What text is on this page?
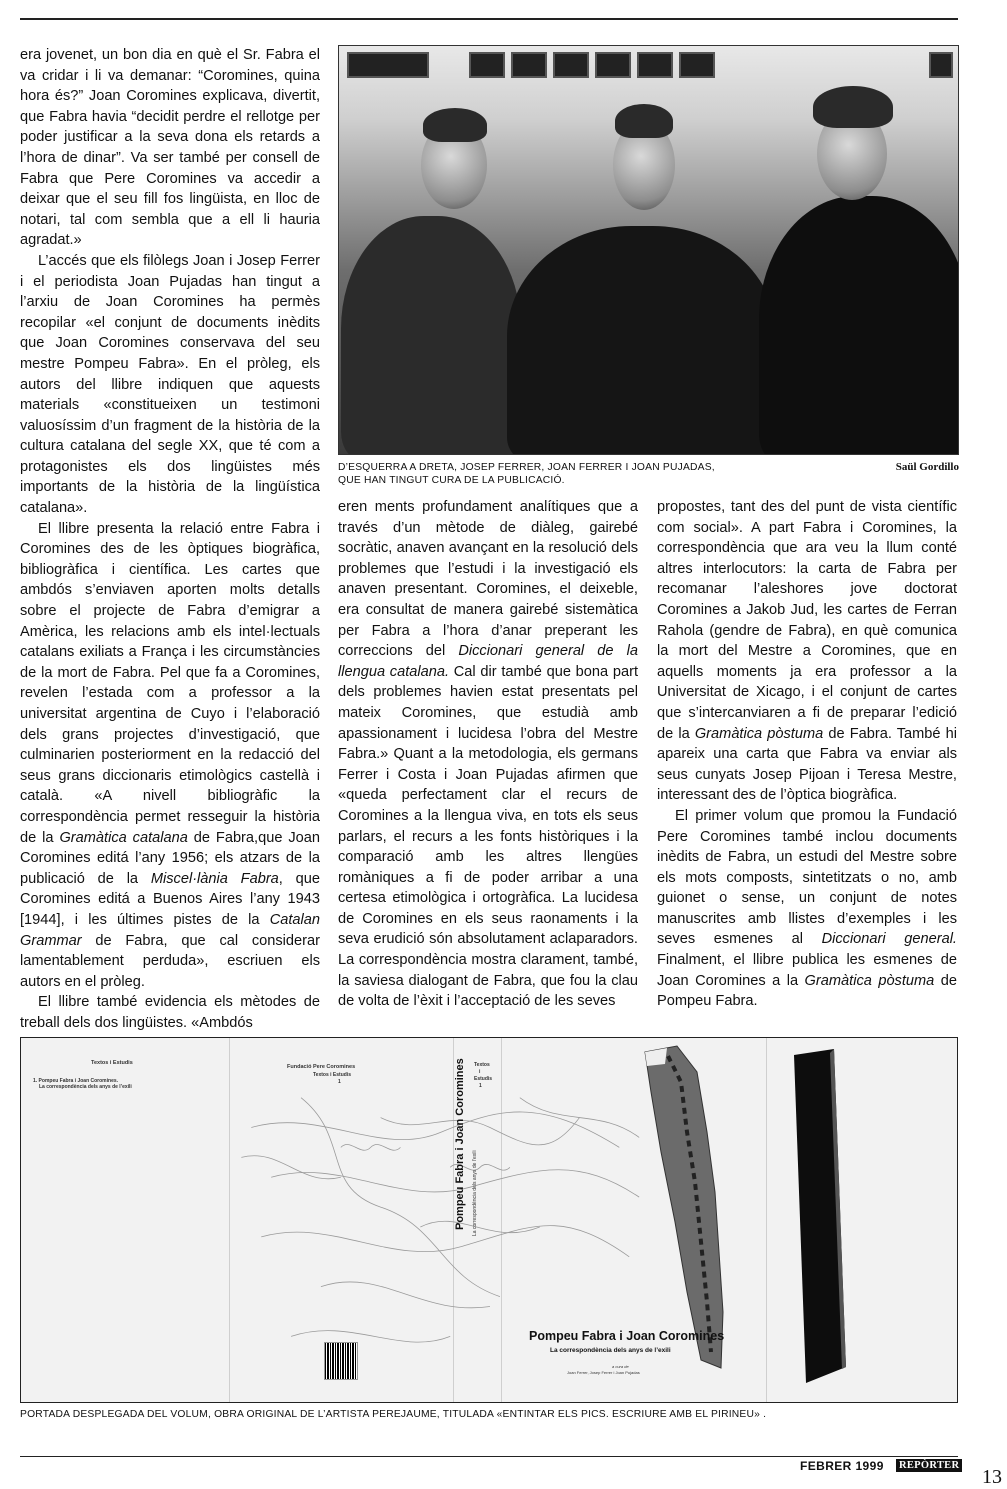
era jovenet, un bon dia en què el Sr. Fabra el va cridar i li va demanar: “Coromines, quina hora és?” Joan Coromines explicava, divertit, que Fabra havia “decidit perdre el rellotge per poder justificar a la seva dona els retards a l’hora de dinar”. Va ser també per consell de Fabra que Pere Coromines va accedir a deixar que el seu fill fos lingüista, en lloc de notari, tal com sembla que a ell li hauria agradat.»

L’accés que els filòlegs Joan i Josep Ferrer i el periodista Joan Pujadas han tingut a l’arxiu de Joan Coromines ha permès recopilar «el conjunt de documents inèdits que Joan Coromines conservava del seu mestre Pompeu Fabra». En el pròleg, els autors del llibre indiquen que aquests materials «constitueixen un testimoni valuosíssim d’un fragment de la història de la cultura catalana del segle XX, que té com a protagonistes els dos lingüistes més importants de la història de la lingüística catalana».

El llibre presenta la relació entre Fabra i Coromines des de les òptiques biogràfica, bibliogràfica i científica. Les cartes que ambdós s’enviaven aporten molts detalls sobre el projecte de Fabra d’emigrar a Amèrica, les relacions amb els intel·lectuals catalans exiliats a França i les circumstàncies de la mort de Fabra. Pel que fa a Coromines, revelen l’estada com a professor a la universitat argentina de Cuyo i l’elaboració dels grans projectes d’investigació, que culminarien posteriorment en la redacció del seus grans diccionaris etimològics castellà i català. «A nivell bibliogràfic la correspondència permet resseguir la història de la Gramàtica catalana de Fabra,que Joan Coromines editá l’any 1956; els atzars de la publicació de la Miscel·lània Fabra, que Coromines editá a Buenos Aires l’any 1943 [1944], i les últimes pistes de la Catalan Grammar de Fabra, que cal considerar lamentablement perduda», escriuen els autors en el pròleg.

El llibre també evidencia els mètodes de treball dels dos lingüistes. «Ambdós

D’ESQUERRA A DRETA, JOSEP FERRER, JOAN FERRER I JOAN PUJADAS,
QUE HAN TINGUT CURA DE LA PUBLICACIÓ.
Saül Gordillo

eren ments profundament analítiques que a través d’un mètode de diàleg, gairebé socràtic, anaven avançant en la resolució dels problemes que l’estudi i la investigació els anaven presentant. Coromines, el deixeble, era consultat de manera gairebé sistemàtica per Fabra a l’hora d’anar preperant les correccions del Diccionari general de la llengua catalana. Cal dir també que bona part dels problemes havien estat presentats pel mateix Coromines, que estudià amb apassionament i lucidesa l’obra del Mestre Fabra.» Quant a la metodologia, els germans Ferrer i Costa i Joan Pujadas afirmen que «queda perfectament clar el recurs de Coromines a la llengua viva, en tots els seus parlars, el recurs a les fonts històriques i la comparació amb les altres llengües romàniques a fi de poder arribar a una certesa etimològica i ortogràfica. La lucidesa de Coromines en els seus raonaments i la seva erudició són absolutament aclaparadors. La correspondència mostra clarament, també, la saviesa dialogant de Fabra, que fou la clau de volta de l’èxit i l’acceptació de les seves

propostes, tant des del punt de vista científic com social». A part Fabra i Coromines, la correspondència que ara veu la llum conté altres interlocutors: la carta de Fabra per recomanar l’aleshores jove doctorat Coromines a Jakob Jud, les cartes de Ferran Rahola (gendre de Fabra), en què comunica la mort del Mestre a Coromines, que en aquells moments ja era professor a la Universitat de Xicago, i el conjunt de cartes que s’intercanviaren a fi de preparar l’edició de la Gramàtica pòstuma de Fabra. També hi apareix una carta que Fabra va enviar als seus cunyats Josep Pijoan i Teresa Mestre, interessant des de l’òptica biogràfica.

El primer volum que promou la Fundació Pere Coromines també inclou documents inèdits de Fabra, un estudi del Mestre sobre els mots composts, sintetitzats o no, amb guionet o sense, un conjunt de notes manuscrites amb llistes d’exemples i les seves esmenes al Diccionari general. Finalment, el llibre publica les esmenes de Joan Coromines a la Gramàtica pòstuma de Pompeu Fabra.

Textos i Estudis
1. Pompeu Fabra i Joan Coromines.
La correspondència dels anys de l’exili
Fundació Pere Coromines
Textos i Estudis
1
Textos
i
Estudis
1
Pompeu Fabra i Joan Coromines La correspondència dels anys de l’exili
Pompeu Fabra i Joan Coromines
La correspondència dels anys de l’exili
a cura de
Joan Ferrer, Josep Ferrer i Joan Pujadas
PORTADA DESPLEGADA DEL VOLUM, OBRA ORIGINAL DE L’ARTISTA PEREJAUME, TITULADA «ENTINTAR ELS PICS. ESCRIURE AMB EL PIRINEU» .
FEBRER 1999 REPÒRTER
13
